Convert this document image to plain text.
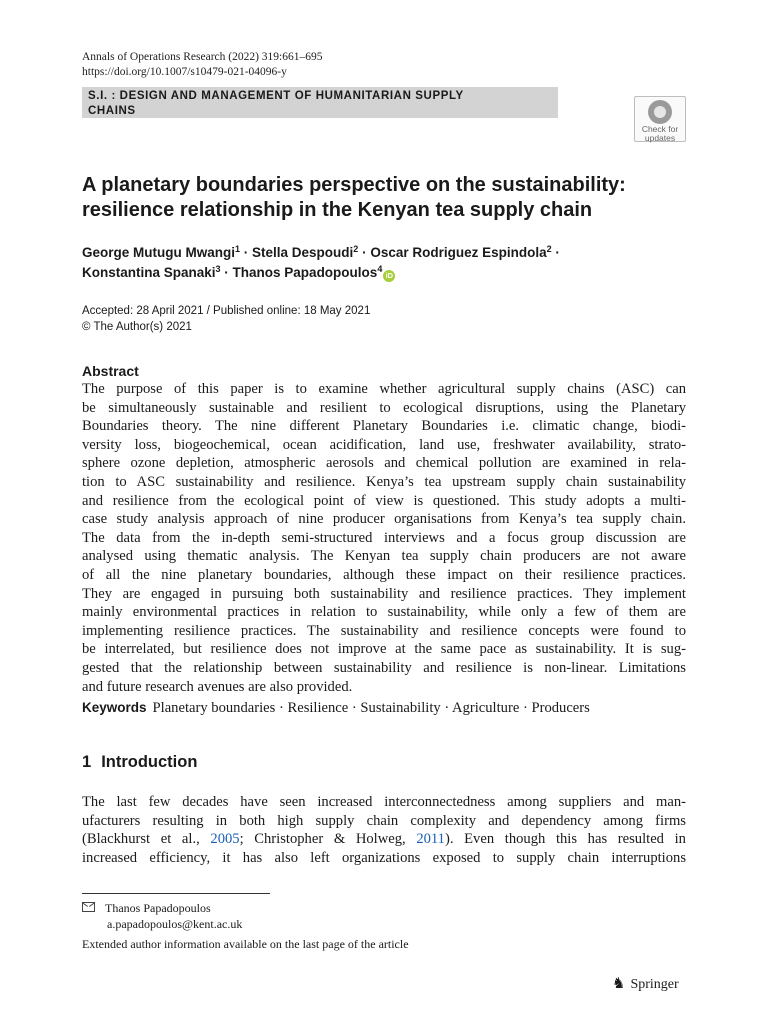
Annals of Operations Research (2022) 319:661–695
https://doi.org/10.1007/s10479-021-04096-y
S.I. : DESIGN AND MANAGEMENT OF HUMANITARIAN SUPPLY
CHAINS
Check for
updates
A planetary boundaries perspective on the sustainability:
resilience relationship in the Kenyan tea supply chain
George Mutugu Mwangi$^1$ · Stella Despoudi$^2$ · Oscar Rodriguez Espindola$^2$ ·
Konstantina Spanaki$^3$ · Thanos Papadopoulos$^4$iD
Accepted: 28 April 2021 / Published online: 18 May 2021
© The Author(s) 2021
Abstract
The purpose of this paper is to examine whether agricultural supply chains (ASC) can
be simultaneously sustainable and resilient to ecological disruptions, using the Planetary
Boundaries theory. The nine different Planetary Boundaries i.e. climatic change, biodi-
versity loss, biogeochemical, ocean acidification, land use, freshwater availability, strato-
sphere ozone depletion, atmospheric aerosols and chemical pollution are examined in rela-
tion to ASC sustainability and resilience. Kenya’s tea upstream supply chain sustainability
and resilience from the ecological point of view is questioned. This study adopts a multi-
case study analysis approach of nine producer organisations from Kenya’s tea supply chain.
The data from the in-depth semi-structured interviews and a focus group discussion are
analysed using thematic analysis. The Kenyan tea supply chain producers are not aware
of all the nine planetary boundaries, although these impact on their resilience practices.
They are engaged in pursuing both sustainability and resilience practices. They implement
mainly environmental practices in relation to sustainability, while only a few of them are
implementing resilience practices. The sustainability and resilience concepts were found to
be interrelated, but resilience does not improve at the same pace as sustainability. It is sug-
gested that the relationship between sustainability and resilience is non-linear. Limitations
and future research avenues are also provided.
Keywords Planetary boundaries · Resilience · Sustainability · Agriculture · Producers
1 Introduction
The last few decades have seen increased interconnectedness among suppliers and man-
ufacturers resulting in both high supply chain complexity and dependency among firms
(Blackhurst et al., 2005; Christopher & Holweg, 2011). Even though this has resulted in
increased efficiency, it has also left organizations exposed to supply chain interruptions
Thanos Papadopoulos
a.papadopoulos@kent.ac.uk
Extended author information available on the last page of the article
♞ Springer
